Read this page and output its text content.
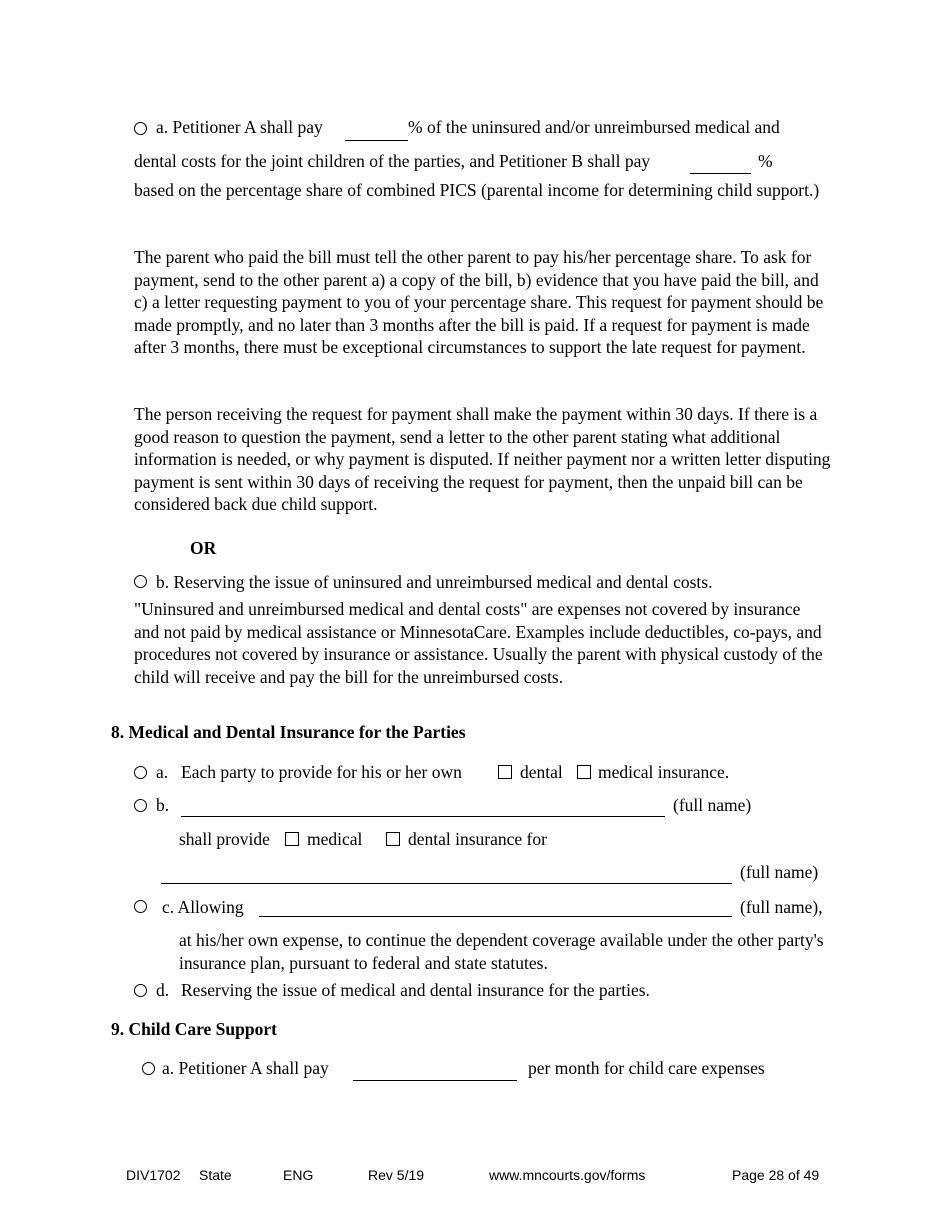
a. Petitioner A shall pay	% of the uninsured and/or unreimbursed medical and
dental costs for the joint children of the parties, and Petitioner B shall pay	%
based on the percentage share of combined PICS (parental income for determining child support.)
The parent who paid the bill must tell the other parent to pay his/her percentage share. To ask for payment, send to the other parent a) a copy of the bill, b) evidence that you have paid the bill, and c) a letter requesting payment to you of your percentage share. This request for payment should be made promptly, and no later than 3 months after the bill is paid. If a request for payment is made after 3 months, there must be exceptional circumstances to support the late request for payment.
The person receiving the request for payment shall make the payment within 30 days. If there is a good reason to question the payment, send a letter to the other parent stating what additional information is needed, or why payment is disputed. If neither payment nor a written letter disputing payment is sent within 30 days of receiving the request for payment, then the unpaid bill can be considered back due child support.
OR
b. Reserving the issue of uninsured and unreimbursed medical and dental costs.
"Uninsured and unreimbursed medical and dental costs" are expenses not covered by insurance and not paid by medical assistance or MinnesotaCare. Examples include deductibles, co-pays, and procedures not covered by insurance or assistance. Usually the parent with physical custody of the child will receive and pay the bill for the unreimbursed costs.
8. Medical and Dental Insurance for the Parties
a. Each party to provide for his or her own	dental medical insurance.
b.	(full name)
shall provide medical	dental insurance for
(full name)
c. Allowing	(full name),
at his/her own expense, to continue the dependent coverage available under the other party's insurance plan, pursuant to federal and state statutes.
d. Reserving the issue of medical and dental insurance for the parties.
9. Child Care Support
a. Petitioner A shall pay	per month for child care expenses
DIV1702 State	ENG	Rev 5/19	www.mncourts.gov/forms	Page 28 of 49
